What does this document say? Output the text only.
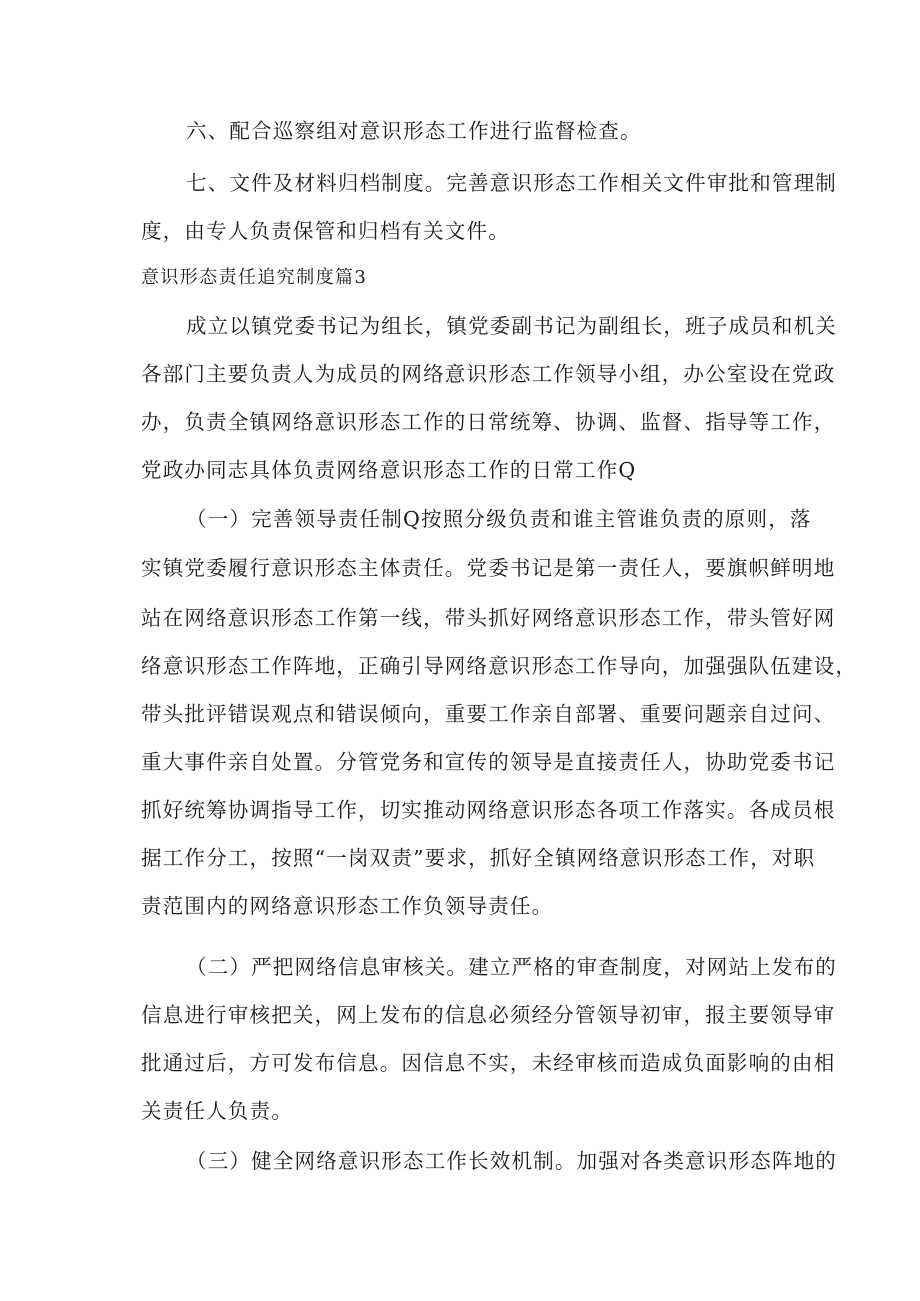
六、配合巡察组对意识形态工作进行监督检查。
七、文件及材料归档制度。完善意识形态工作相关文件审批和管理制
度，由专人负责保管和归档有关文件。
意识形态责任追究制度篇3
成立以镇党委书记为组长，镇党委副书记为副组长，班子成员和机关
各部门主要负责人为成员的网络意识形态工作领导小组，办公室设在党政
办，负责全镇网络意识形态工作的日常统筹、协调、监督、指导等工作，
党政办同志具体负责网络意识形态工作的日常工作Q
（一）完善领导责任制Q按照分级负责和谁主管谁负责的原则，落
实镇党委履行意识形态主体责任。党委书记是第一责任人，要旗帜鲜明地
站在网络意识形态工作第一线，带头抓好网络意识形态工作，带头管好网
络意识形态工作阵地，正确引导网络意识形态工作导向，加强强队伍建设，
带头批评错误观点和错误倾向，重要工作亲自部署、重要问题亲自过问、
重大事件亲自处置。分管党务和宣传的领导是直接责任人，协助党委书记
抓好统筹协调指导工作，切实推动网络意识形态各项工作落实。各成员根
据工作分工，按照“一岗双责”要求，抓好全镇网络意识形态工作，对职
责范围内的网络意识形态工作负领导责任。
（二）严把网络信息审核关。建立严格的审查制度，对网站上发布的
信息进行审核把关，网上发布的信息必须经分管领导初审，报主要领导审
批通过后，方可发布信息。因信息不实，未经审核而造成负面影响的由相
关责任人负责。
（三）健全网络意识形态工作长效机制。加强对各类意识形态阵地的
